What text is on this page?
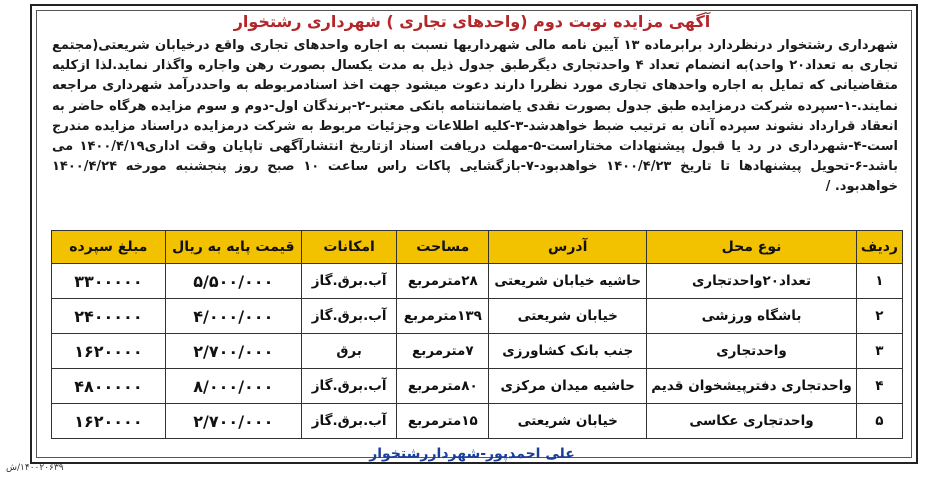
آگهی مزایده نوبت دوم (واحدهای تجاری ) شهرداری رشتخوار
شهرداری رشتخوار درنظردارد برابرماده ۱۳ آیین نامه مالی شهرداریها نسبت به اجاره واحدهای تجاری واقع درخیابان شریعتی(مجتمع تجاری به تعداد۲۰ واحد)به انضمام تعداد ۴ واحدتجاری دیگرطبق جدول ذیل به مدت یکسال بصورت رهن واجاره واگذار نماید.لذا ازکلیه متقاضیانی که تمایل به اجاره واحدهای تجاری مورد نظررا دارند دعوت میشود جهت اخذ اسنادمربوطه به واحددرآمد شهرداری مراجعه نمایند.-۱-سپرده شرکت درمزایده طبق جدول بصورت نقدی یاضمانتنامه بانکی معتبر-۲-برندگان اول-دوم و سوم مزایده هرگاه حاضر به انعقاد قرارداد نشوند سپرده آنان به ترتیب ضبط خواهدشد-۳-کلیه اطلاعات وجزئیات مربوط به شرکت درمزایده دراسناد مزایده مندرج است-۴-شهرداری در رد یا قبول پیشنهادات مختاراست-۵-مهلت دریافت اسناد ازتاریخ انتشارآگهی تاپایان وقت اداری۱۴۰۰/۴/۱۹ می باشد-۶-تحویل پیشنهادها تا تاریخ ۱۴۰۰/۴/۲۳ خواهدبود-۷-بازگشایی پاکات راس ساعت ۱۰ صبح روز پنجشنبه مورخه ۱۴۰۰/۴/۲۴ خواهدبود. /
ردیف	نوع محل	آدرس	مساحت	امکانات	قیمت پایه به ریال	مبلغ سپرده
۱	تعداد۲۰واحدتجاری	حاشیه خیابان شریعتی	۲۸مترمربع	آب.برق.گاز	۵/۵۰۰/۰۰۰	۳۳۰۰۰۰۰
۲	باشگاه ورزشی	خیابان شریعتی	۱۳۹مترمربع	آب.برق.گاز	۴/۰۰۰/۰۰۰	۲۴۰۰۰۰۰
۳	واحدتجاری	جنب بانک کشاورزی	۷مترمربع	برق	۲/۷۰۰/۰۰۰	۱۶۲۰۰۰۰
۴	واحدتجاری دفترپیشخوان قدیم	حاشیه میدان مرکزی	۸۰مترمربع	آب.برق.گاز	۸/۰۰۰/۰۰۰	۴۸۰۰۰۰۰
۵	واحدتجاری عکاسی	خیابان شریعتی	۱۵مترمربع	آب.برق.گاز	۲/۷۰۰/۰۰۰	۱۶۲۰۰۰۰
علی احمدپور-شهرداررشتخوار
۱۴۰۰۲۰۶۳۹/ش
